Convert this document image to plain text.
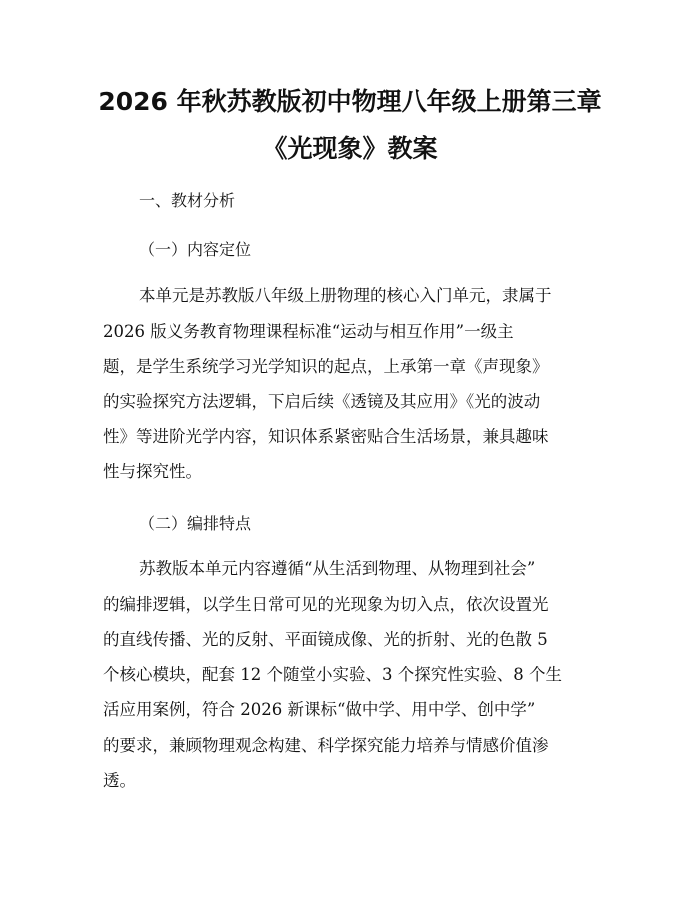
2026 年秋苏教版初中物理八年级上册第三章
《光现象》教案
一、教材分析
（一）内容定位
本单元是苏教版八年级上册物理的核心入门单元，隶属于
2026 版义务教育物理课程标准“运动与相互作用”一级主
题，是学生系统学习光学知识的起点，上承第一章《声现象》
的实验探究方法逻辑，下启后续《透镜及其应用》《光的波动
性》等进阶光学内容，知识体系紧密贴合生活场景，兼具趣味
性与探究性。
（二）编排特点
苏教版本单元内容遵循“从生活到物理、从物理到社会”
的编排逻辑，以学生日常可见的光现象为切入点，依次设置光
的直线传播、光的反射、平面镜成像、光的折射、光的色散 5
个核心模块，配套 12 个随堂小实验、3 个探究性实验、8 个生
活应用案例，符合 2026 新课标“做中学、用中学、创中学”
的要求，兼顾物理观念构建、科学探究能力培养与情感价值渗
透。
